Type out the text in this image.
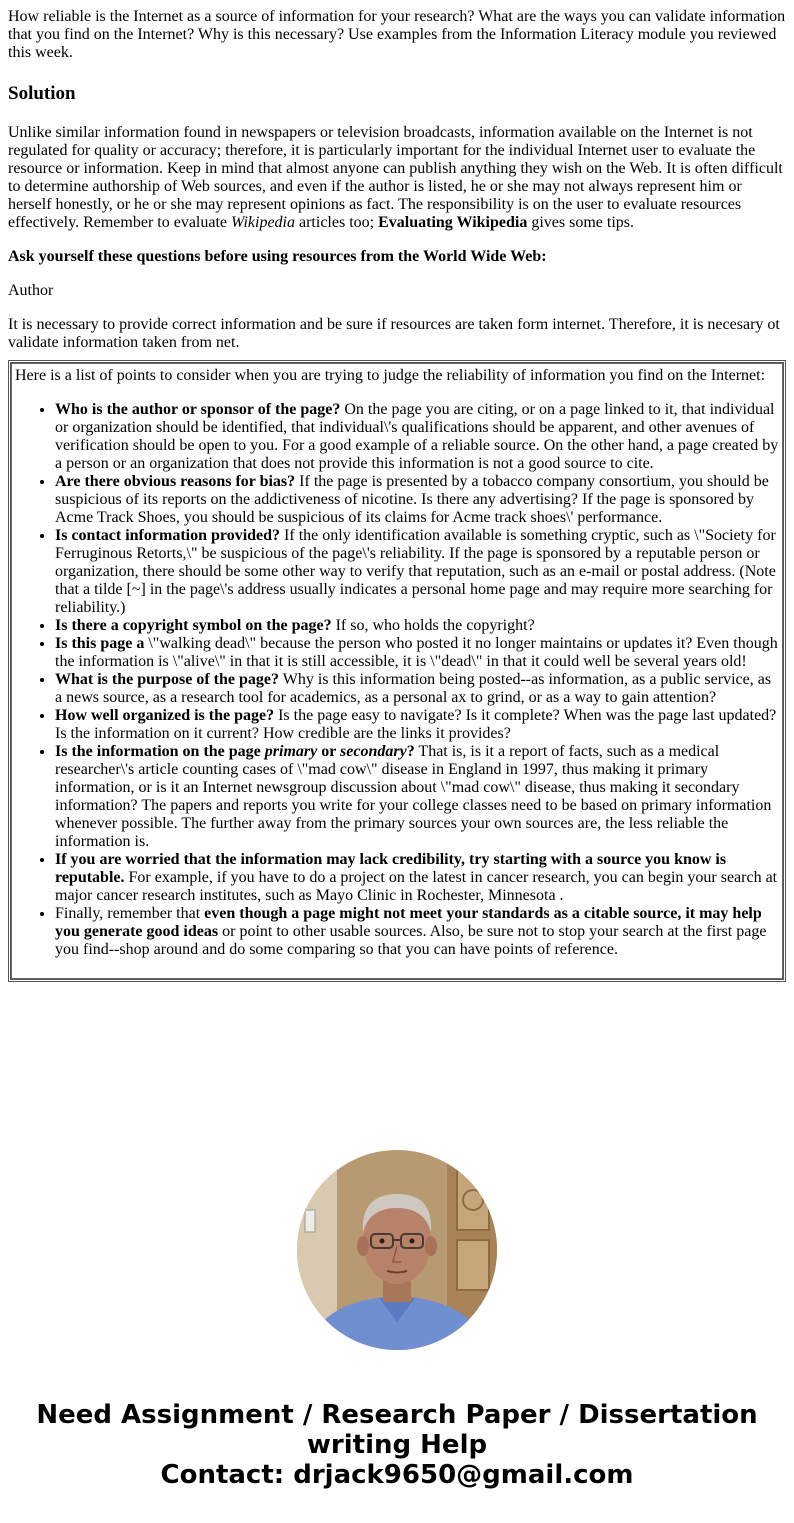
How reliable is the Internet as a source of information for your research? What are the ways you can validate information that you find on the Internet? Why is this necessary? Use examples from the Information Literacy module you reviewed this week.

Solution

Unlike similar information found in newspapers or television broadcasts, information available on the Internet is not regulated for quality or accuracy; therefore, it is particularly important for the individual Internet user to evaluate the resource or information. Keep in mind that almost anyone can publish anything they wish on the Web. It is often difficult to determine authorship of Web sources, and even if the author is listed, he or she may not always represent him or herself honestly, or he or she may represent opinions as fact. The responsibility is on the user to evaluate resources effectively. Remember to evaluate Wikipedia articles too; Evaluating Wikipedia gives some tips.

Ask yourself these questions before using resources from the World Wide Web:

Author

It is necessary to provide correct information and be sure if resources are taken form internet. Therefore, it is necesary ot validate information taken from net.

Here is a list of points to consider when you are trying to judge the reliability of information you find on the Internet:

• Who is the author or sponsor of the page? On the page you are citing, or on a page linked to it, that individual or organization should be identified, that individual\'s qualifications should be apparent, and other avenues of verification should be open to you. For a good example of a reliable source. On the other hand, a page created by a person or an organization that does not provide this information is not a good source to cite.
• Are there obvious reasons for bias? If the page is presented by a tobacco company consortium, you should be suspicious of its reports on the addictiveness of nicotine. Is there any advertising? If the page is sponsored by Acme Track Shoes, you should be suspicious of its claims for Acme track shoes\' performance.
• Is contact information provided? If the only identification available is something cryptic, such as \"Society for Ferruginous Retorts,\" be suspicious of the page\'s reliability. If the page is sponsored by a reputable person or organization, there should be some other way to verify that reputation, such as an e-mail or postal address. (Note that a tilde [~] in the page\'s address usually indicates a personal home page and may require more searching for reliability.)
• Is there a copyright symbol on the page? If so, who holds the copyright?
• Is this page a \"walking dead\" because the person who posted it no longer maintains or updates it? Even though the information is \"alive\" in that it is still accessible, it is \"dead\" in that it could well be several years old!
• What is the purpose of the page? Why is this information being posted--as information, as a public service, as a news source, as a research tool for academics, as a personal ax to grind, or as a way to gain attention?
• How well organized is the page? Is the page easy to navigate? Is it complete? When was the page last updated? Is the information on it current? How credible are the links it provides?
• Is the information on the page primary or secondary? That is, is it a report of facts, such as a medical researcher\'s article counting cases of \"mad cow\" disease in England in 1997, thus making it primary information, or is it an Internet newsgroup discussion about \"mad cow\" disease, thus making it secondary information? The papers and reports you write for your college classes need to be based on primary information whenever possible. The further away from the primary sources your own sources are, the less reliable the information is.
• If you are worried that the information may lack credibility, try starting with a source you know is reputable. For example, if you have to do a project on the latest in cancer research, you can begin your search at major cancer research institutes, such as Mayo Clinic in Rochester, Minnesota .
• Finally, remember that even though a page might not meet your standards as a citable source, it may help you generate good ideas or point to other usable sources. Also, be sure not to stop your search at the first page you find--shop around and do some comparing so that you can have points of reference.
Need Assignment / Research Paper / Dissertation writing Help
Contact: drjack9650@gmail.com
